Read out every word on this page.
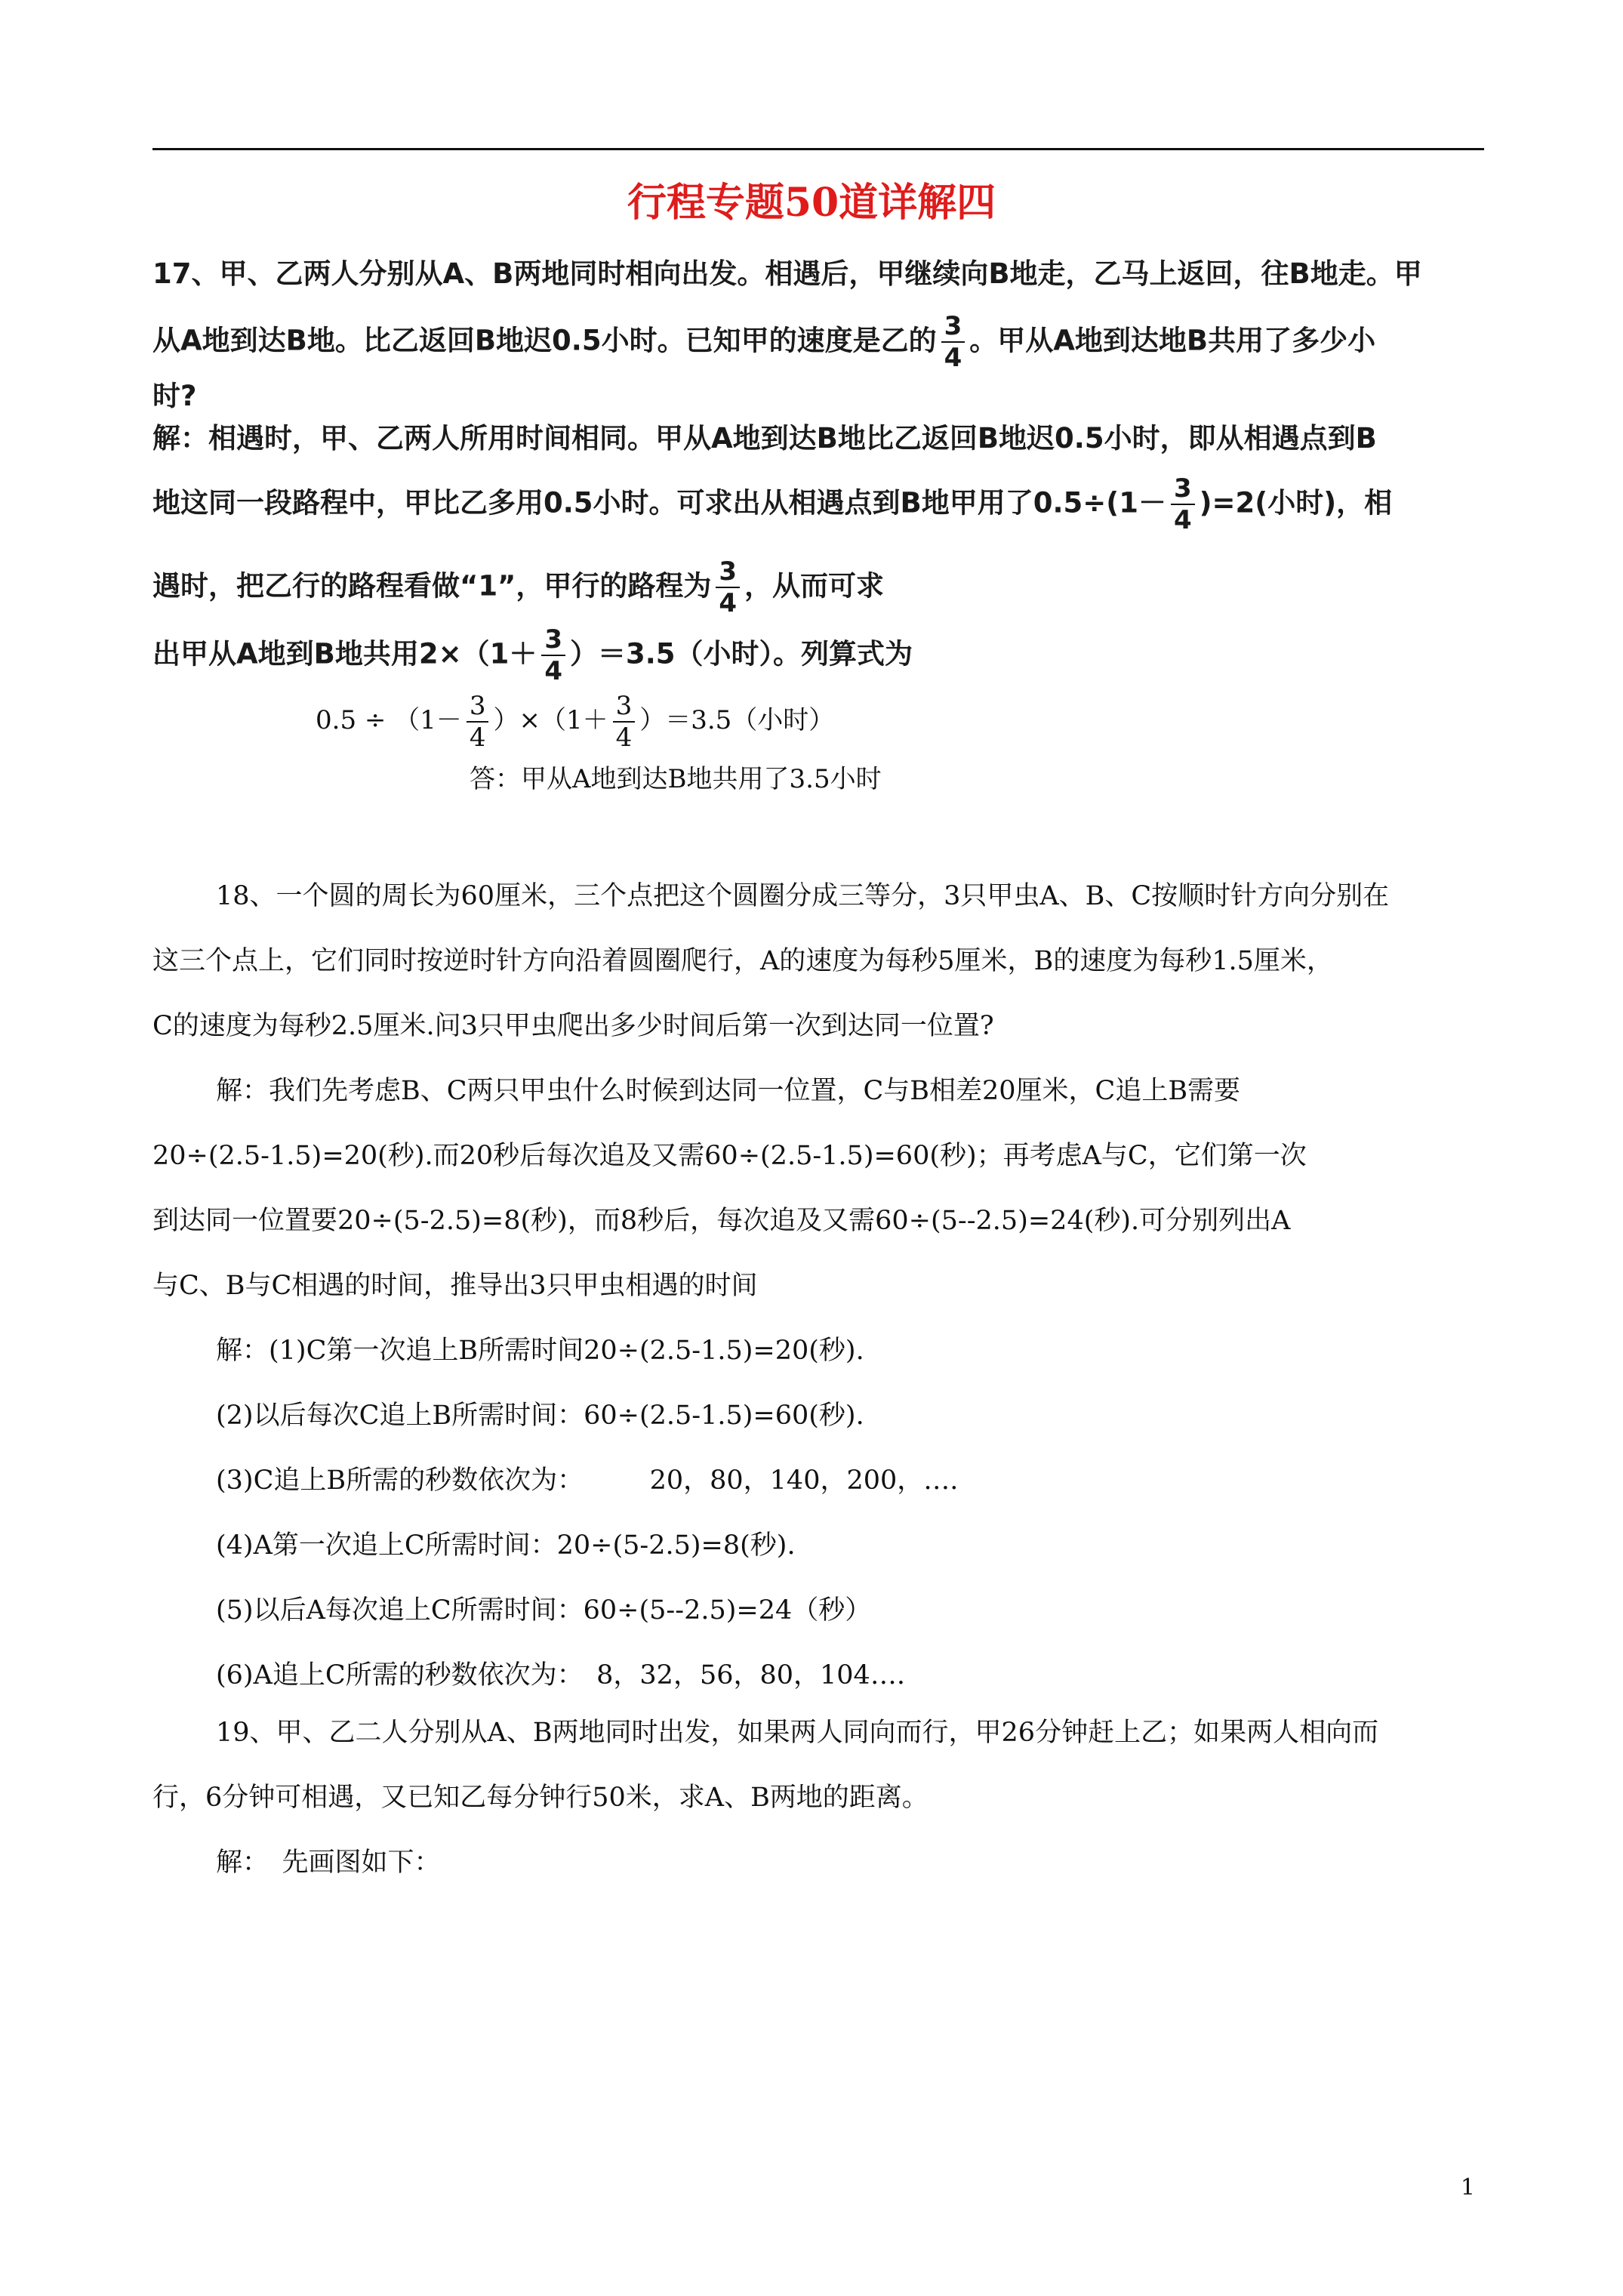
行程专题50道详解四
17、甲、乙两人分别从A、B两地同时相向出发。相遇后，甲继续向B地走，乙马上返回，往B地走。甲
从A地到达B地。比乙返回B地迟0.5小时。已知甲的速度是乙的 $\frac{3}{4}$ 。甲从A地到达地B共用了多少小
时?
解：相遇时，甲、乙两人所用时间相同。甲从A地到达B地比乙返回B地迟0.5小时，即从相遇点到B
地这同一段路程中，甲比乙多用0.5小时。可求出从相遇点到B地甲用了$0.5\div(1- \frac{3}{4} )=2$(小时)，相
遇时，把乙行的路程看做“1”，甲行的路程为 $\frac{3}{4}$ ，从而可求
出甲从A地到B地共用$2\times(1+ \frac{3}{4} )=3.5$（小时）。列算式为
$0.5 \div (1- \frac{3}{4} )\times(1+ \frac{3}{4} )=3.5$（小时）
答：甲从A地到达B地共用了3.5小时
18、一个圆的周长为60厘米，三个点把这个圆圈分成三等分，3只甲虫A、B、C按顺时针方向分别在
这三个点上，它们同时按逆时针方向沿着圆圈爬行，A的速度为每秒5厘米，B的速度为每秒1.5厘米，
C的速度为每秒2.5厘米.问3只甲虫爬出多少时间后第一次到达同一位置?
解：我们先考虑B、C两只甲虫什么时候到达同一位置，C与B相差20厘米，C追上B需要
20÷(2.5-1.5)=20(秒).而20秒后每次追及又需60÷(2.5-1.5)=60(秒)；再考虑A与C，它们第一次
到达同一位置要20÷(5-2.5)=8(秒)，而8秒后，每次追及又需60÷(5--2.5)=24(秒).可分别列出A
与C、B与C相遇的时间，推导出3只甲虫相遇的时间
解：(1)C第一次追上B所需时间20÷(2.5-1.5)=20(秒).
(2)以后每次C追上B所需时间：60÷(2.5-1.5)=60(秒).
(3)C追上B所需的秒数依次为：　　　20，80，140，200，….
(4)A第一次追上C所需时间：20÷(5-2.5)=8(秒).
(5)以后A每次追上C所需时间：60÷(5--2.5)=24（秒）
(6)A追上C所需的秒数依次为：　8，32，56，80，104….
19、甲、乙二人分别从A、B两地同时出发，如果两人同向而行，甲26分钟赶上乙；如果两人相向而
行，6分钟可相遇，又已知乙每分钟行50米，求A、B两地的距离。
解：　先画图如下：
1
